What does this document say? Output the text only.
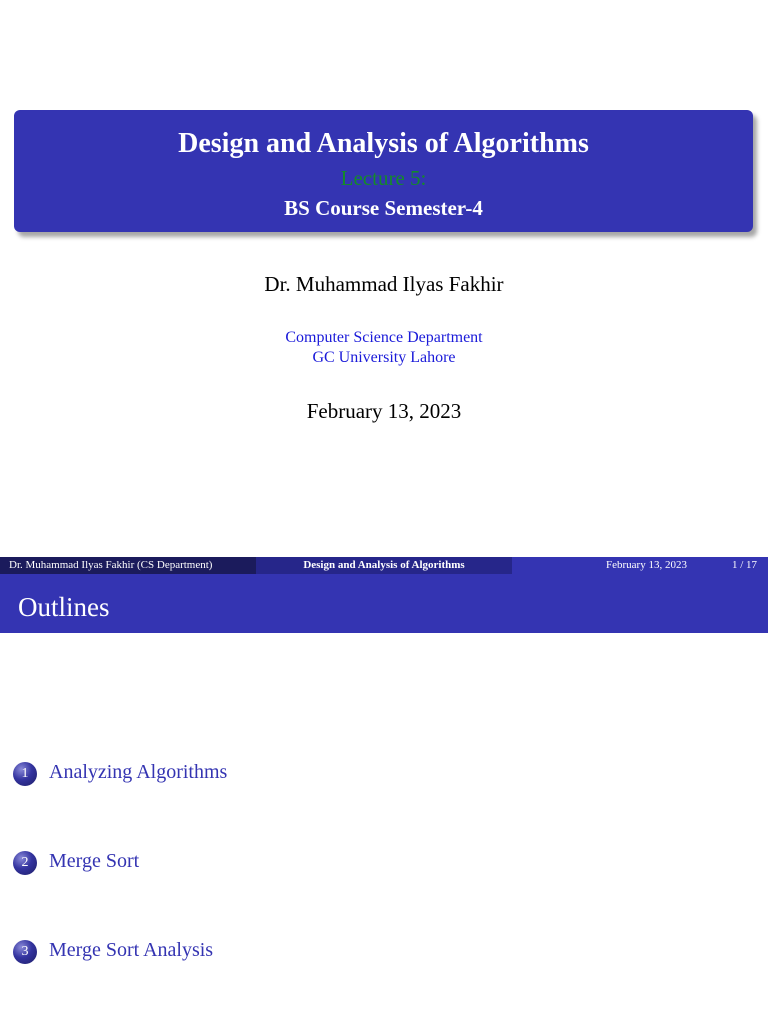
Design and Analysis of Algorithms
Lecture 5:
BS Course Semester-4
Dr. Muhammad Ilyas Fakhir
Computer Science Department
GC University Lahore
February 13, 2023
Dr. Muhammad Ilyas Fakhir (CS Department)	Design and Analysis of Algorithms	February 13, 2023	1 / 17
Outlines
1	Analyzing Algorithms
2	Merge Sort
3	Merge Sort Analysis
